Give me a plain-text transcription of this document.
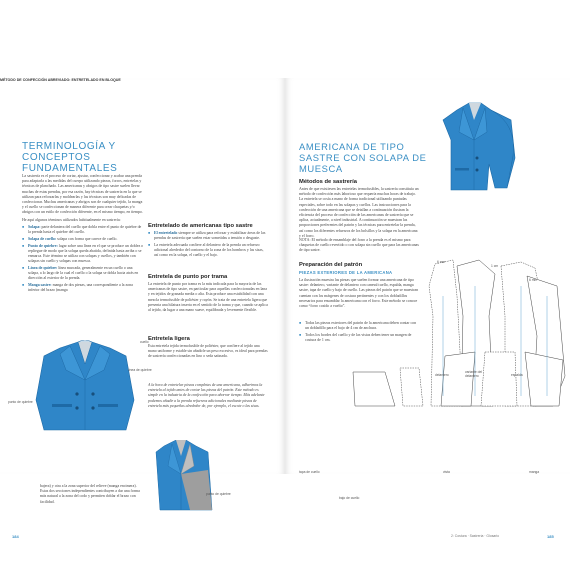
TERMINOLOGÍA Y CONCEPTOS FUNDAMENTALES

La sastrería es el proceso de cortar, ajustar, confeccionar y acabar una prenda para adaptarla a las medidas del cuerpo utilizando piezas, forros, entretelas y técnicas de planchado. Las americanas y abrigos de tipo sastre suelen llevar muchas de estas prendas, por esa razón, hay técnicas de sastrería en la que se utilizan para reforzarlas y moldearlas y las técnicas son muy delicadas de confeccionar. Muchas americanas y abrigos son de cualquier tejido, la manga y el cuello se confeccionan de manera diferente para crear chaquetas y/o abrigos con un estilo de confección diferente, en el mismo tiempo, en tiempo.

He aquí algunos términos utilizados habitualmente en sastrería:

■ Solapa: parte delantera del cuello que dobla entre el punto de quiebre de la prenda hasta el quiebre del cuello.
■ Solapa de cuello: solapa con forma que carece de cuello.
■ Punto de quiebre: lugar sobre una línea en el que se produce un doblez o repliegue de modo que la solapa queda abatida, definida hasta arriba o se enmarca. Este término se utiliza con solapas y cuellos, y también con solapas sin cuello y solapas con muesca.
■ Línea de quiebre: línea marcada, generalmente en un cuello o una solapa, a lo largo de la cual el cuello o la solapa se dobla hacia atrás en dirección al exterior de la prenda.
■ Manga sastre: manga de dos piezas, una correspondiente a la zona inferior del brazo (manga
cuello
línea de quiebre
punto de quiebre
bajera) y otra a la zona superior del relieve (manga encimera). Estas dos secciones independientes contribuyen a dar una forma más natural a la zona del codo y permiten doblar el brazo con facilidad.
Entretelado de americanas tipo sastre
■ El entretelado siempre se utiliza para reforzar y estabilizar áreas de las prendas de sastrería que suelen estar sometidas a tensión o desgaste.
■ La entretela adecuada confiere al delantero de la prenda un refuerzo adicional alrededor del contorno de la zona de los hombros y las sisas, así como en la solapa, el cuello y el bajo.
Entretela de punto por trama
La entretela de punto por trama es la más indicada para la mayoría de las americanas de tipo sastre, en particular para aquellas confeccionadas en lana y en tejidos de granada media o alta. Esta produce una estabilidad con una mezcla termofusible de poliéster y rayón. Se trata de una entretela ligera que presenta una hilatura inserta en el sentido de la trama y que, cuando se aplica al tejido, da lugar a una mano suave, equilibrada y levemente flexible.
Entretela ligera
Esta entretela tejida termofusible de poliéster, que confiere al tejido una mano uniforme y estable sin añadirle un peso excesivo, es ideal para prendas de sastrería confeccionadas en lino o seda satinada.
MÉTODO DE CONFECCIÓN ABREVIADO: ENTRETELADO EN BLOQUE
A la hora de entretelar piezas completas de una americana, adherimos la entretela al tejido antes de cortar las piezas del patrón. Este método es simple en la industria de la confección para ahorrar tiempo. Más adelante podemos añadir a la prenda refuerzos adicionales mediante piezas de entretela más pequeñas alrededor de, por ejemplo, el escote o las sisas.
punto de quiebre
184
AMERICANA DE TIPO SASTRE CON SOLAPA DE MUESCA
Métodos de sastrería
Antes de que existiesen las entretelas termofusibles, la sastrería constituía un método de confección más laborioso que requería muchas horas de trabajo. La entretela se cosía a mano de forma tradicional utilizando puntadas especiales, sobre todo en las solapas y cuellos. Las instrucciones para la confección de una americana que se detallan a continuación ilustran la eficiencia del proceso de confección de las americanas de sastrería que se aplica, actualmente, a nivel industrial. A continuación se muestran las proporciones preferentes del patrón y las técnicas para entretelar la prenda, así como los diferentes refuerzos de los bolsillos y la solapa en la americana y el forro.
NOTA: El método de ensamblaje del forro a la prenda es el mismo para chaquetas de cuello revertido o con solapa sin cuello que para las americanas de tipo sastre.
Preparación del patrón
PIEZAS EXTERIORES DE LA AMERICANA
La ilustración muestra las piezas que suelen formar una americana de tipo sastre: delantero, variante de delantero con canesú/cuello, espalda, manga sastre, tapa de cuello y bajo de cuello. Las piezas del patrón que se muestran cuentan con los márgenes de costura pertinentes y con los dobladillos necesarios para ensamblar la americana con el forro. Este método se conoce como “forro cosido a vuelto”.
■ Todas las piezas exteriores del patrón de la americana deben contar con un dobladillo para el bajo de 4 cm de anchura.
■ Todos los bordes del cuello y de las vistas deben tener un margen de costura de 1 cm.
delantero
variante del delantero	espalda
6 mm
1 cm
6 mm
manga
vista
tapa de cuello
bajo de cuello
2: Costura · Sastrería · Glosario	185
